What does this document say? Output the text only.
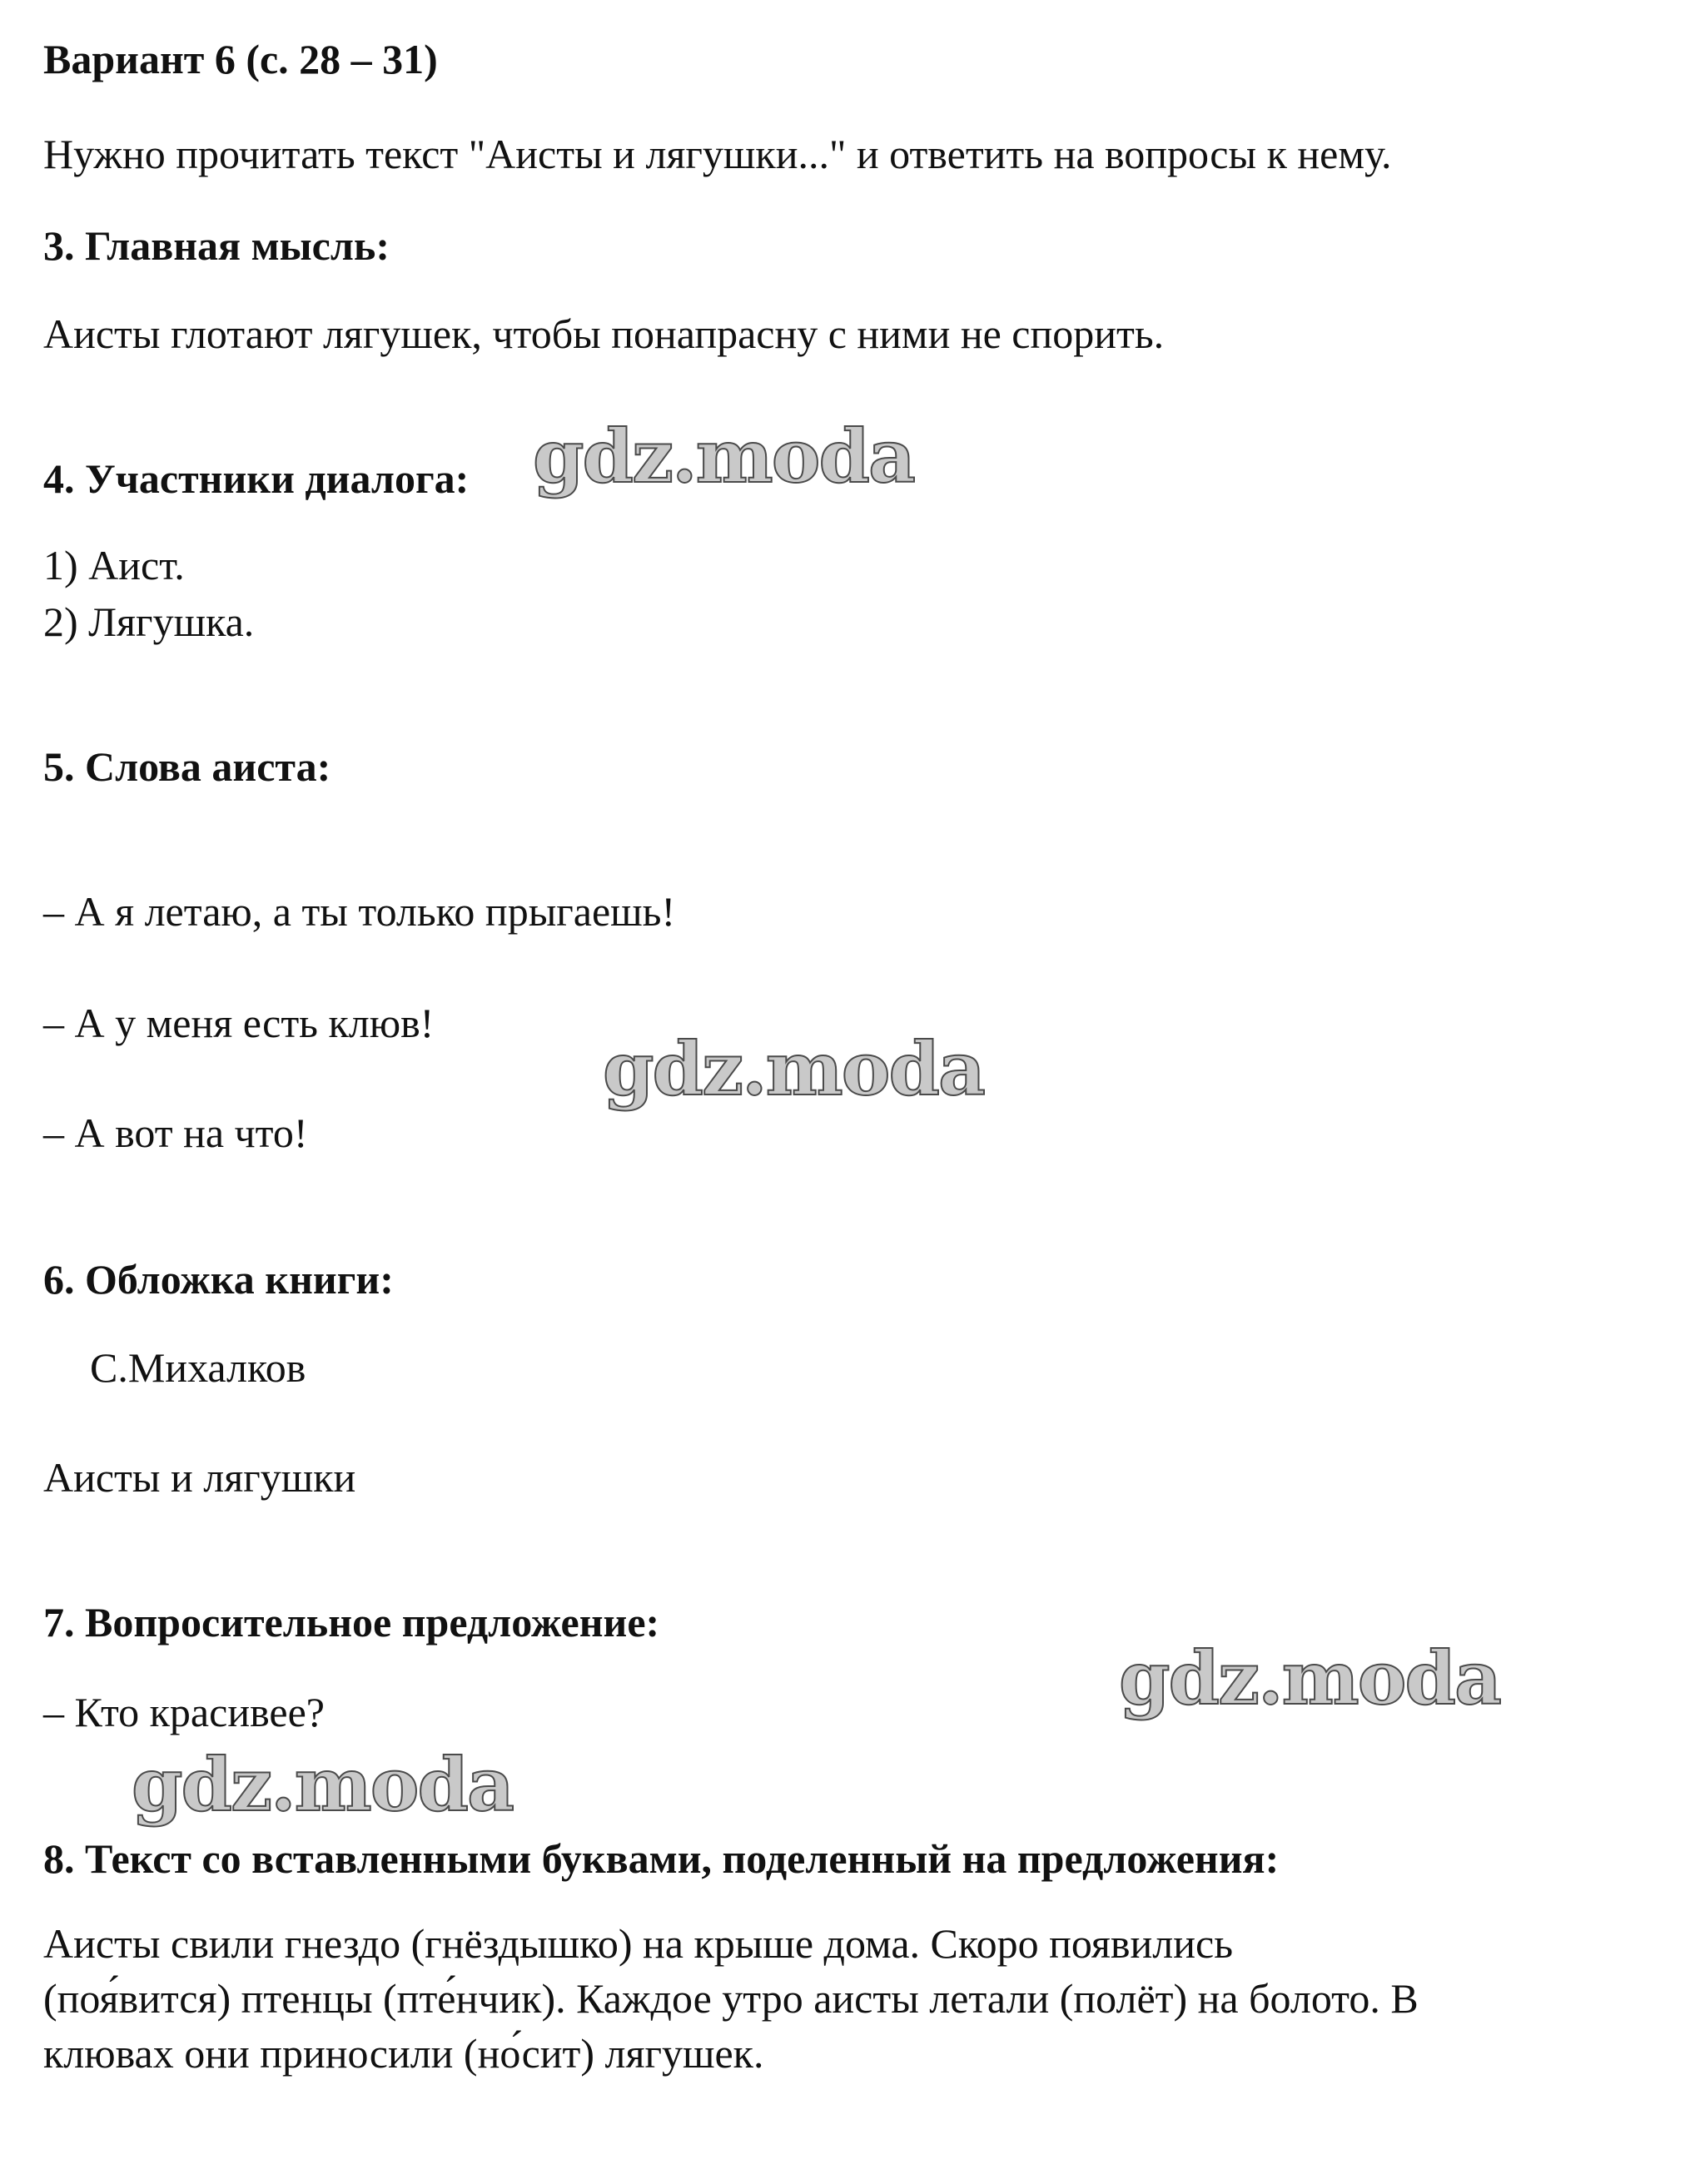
Вариант 6 (с. 28 – 31)
Нужно прочитать текст "Аисты и лягушки..." и ответить на вопросы к нему.
3. Главная мысль:
Аисты глотают лягушек, чтобы понапрасну с ними не спорить.
4. Участники диалога:
1) Аист.
2) Лягушка.
5. Слова аиста:
– А я летаю, а ты только прыгаешь!
– А у меня есть клюв!
– А вот на что!
6. Обложка книги:
С.Михалков
Аисты и лягушки
7. Вопросительное предложение:
– Кто красивее?
8. Текст со вставленными буквами, поделенный на предложения:
Аисты свили гнездо (гнёздышко) на крыше дома. Скоро появились
(поя́вится) птенцы (пте́нчик). Каждое утро аисты летали (полёт) на болото. В
клювах они приносили (но́сит) лягушек.
gdz.moda
gdz.moda
gdz.moda
gdz.moda
